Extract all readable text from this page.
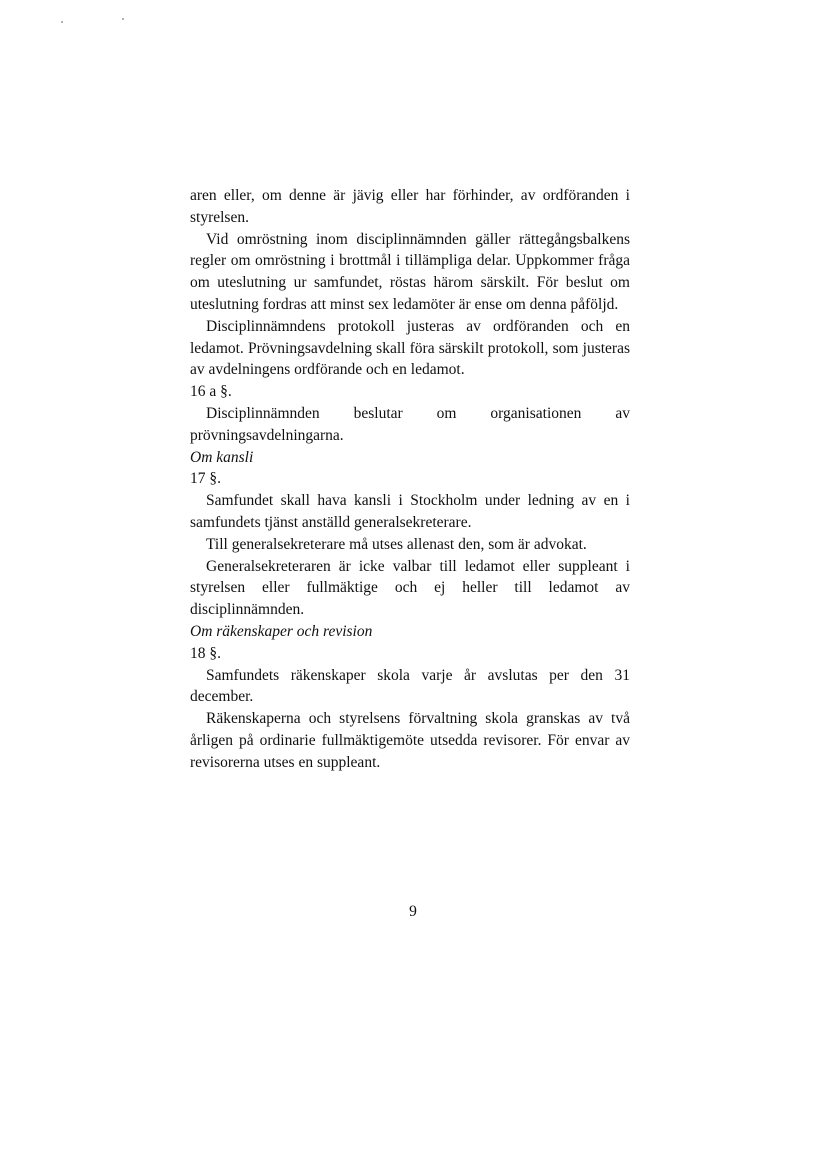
aren eller, om denne är jävig eller har förhinder, av ordföranden i styrelsen.

Vid omröstning inom disciplinnämnden gäller rättegångsbalkens regler om omröstning i brottmål i tillämpliga delar. Uppkommer fråga om uteslutning ur samfundet, röstas härom särskilt. För beslut om uteslutning fordras att minst sex ledamöter är ense om denna påföljd.

Disciplinnämndens protokoll justeras av ordföranden och en ledamot. Prövningsavdelning skall föra särskilt protokoll, som justeras av avdelningens ordförande och en ledamot.

16 a §.

Disciplinnämnden beslutar om organisationen av prövningsavdelningarna.

Om kansli

17 §.

Samfundet skall hava kansli i Stockholm under ledning av en i samfundets tjänst anställd generalsekreterare.

Till generalsekreterare må utses allenast den, som är advokat.

Generalsekreteraren är icke valbar till ledamot eller suppleant i styrelsen eller fullmäktige och ej heller till ledamot av disciplinnämnden.

Om räkenskaper och revision

18 §.

Samfundets räkenskaper skola varje år avslutas per den 31 december.

Räkenskaperna och styrelsens förvaltning skola granskas av två årligen på ordinarie fullmäktigemöte utsedda revisorer. För envar av revisorerna utses en suppleant.

9
